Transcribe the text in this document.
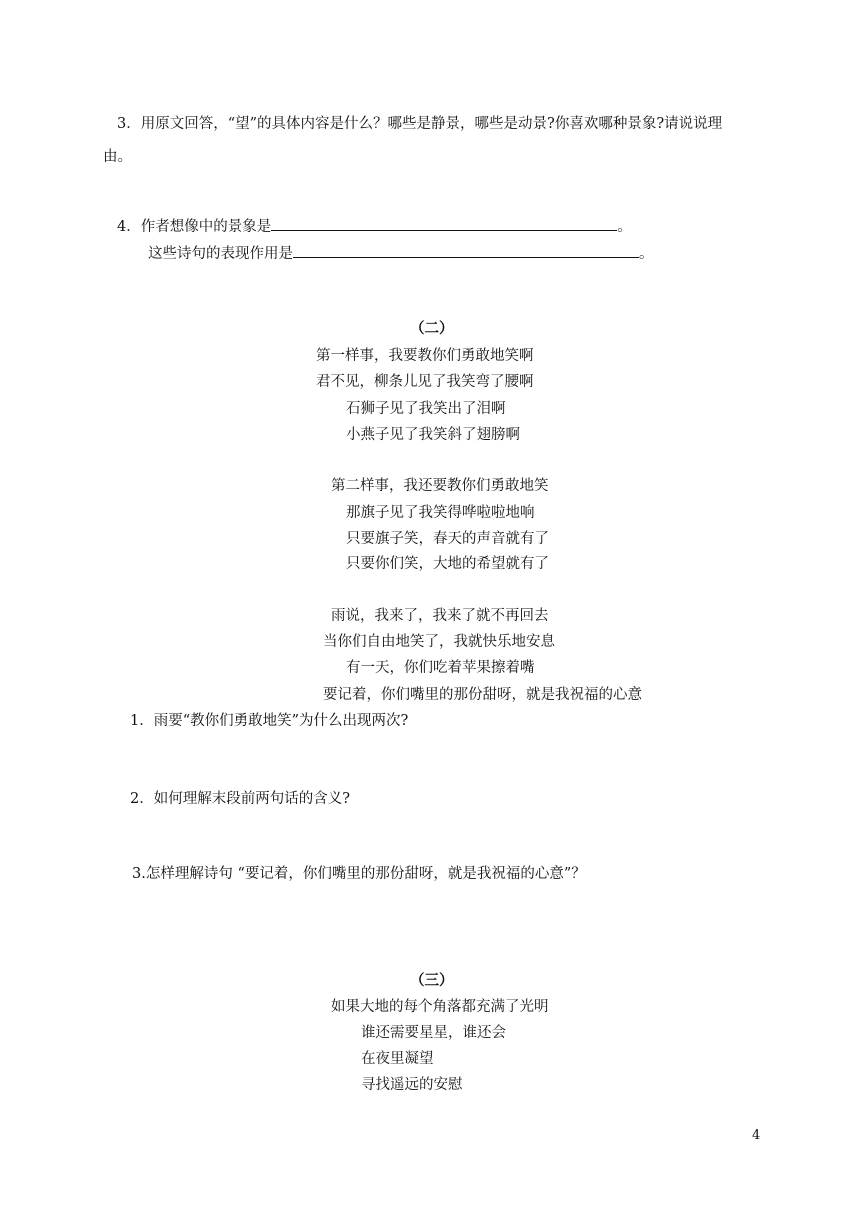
3．用原文回答，“望”的具体内容是什么？哪些是静景，哪些是动景?你喜欢哪种景象?请说说理
由。
4．作者想像中的景象是	。
这些诗句的表现作用是	。
（二）
第一样事，我要教你们勇敢地笑啊
君不见，柳条儿见了我笑弯了腰啊
石狮子见了我笑出了泪啊
小燕子见了我笑斜了翅膀啊
第二样事，我还要教你们勇敢地笑
那旗子见了我笑得哗啦啦地响
只要旗子笑，春天的声音就有了
只要你们笑，大地的希望就有了
雨说，我来了，我来了就不再回去
当你们自由地笑了，我就快乐地安息
有一天，你们吃着苹果擦着嘴
要记着，你们嘴里的那份甜呀，就是我祝福的心意
1．雨要“教你们勇敢地笑”为什么出现两次?
2．如何理解末段前两句话的含义?
3.怎样理解诗句 “要记着，你们嘴里的那份甜呀，就是我祝福的心意”？
（三）
如果大地的每个角落都充满了光明
谁还需要星星，谁还会
在夜里凝望
寻找遥远的安慰
4
